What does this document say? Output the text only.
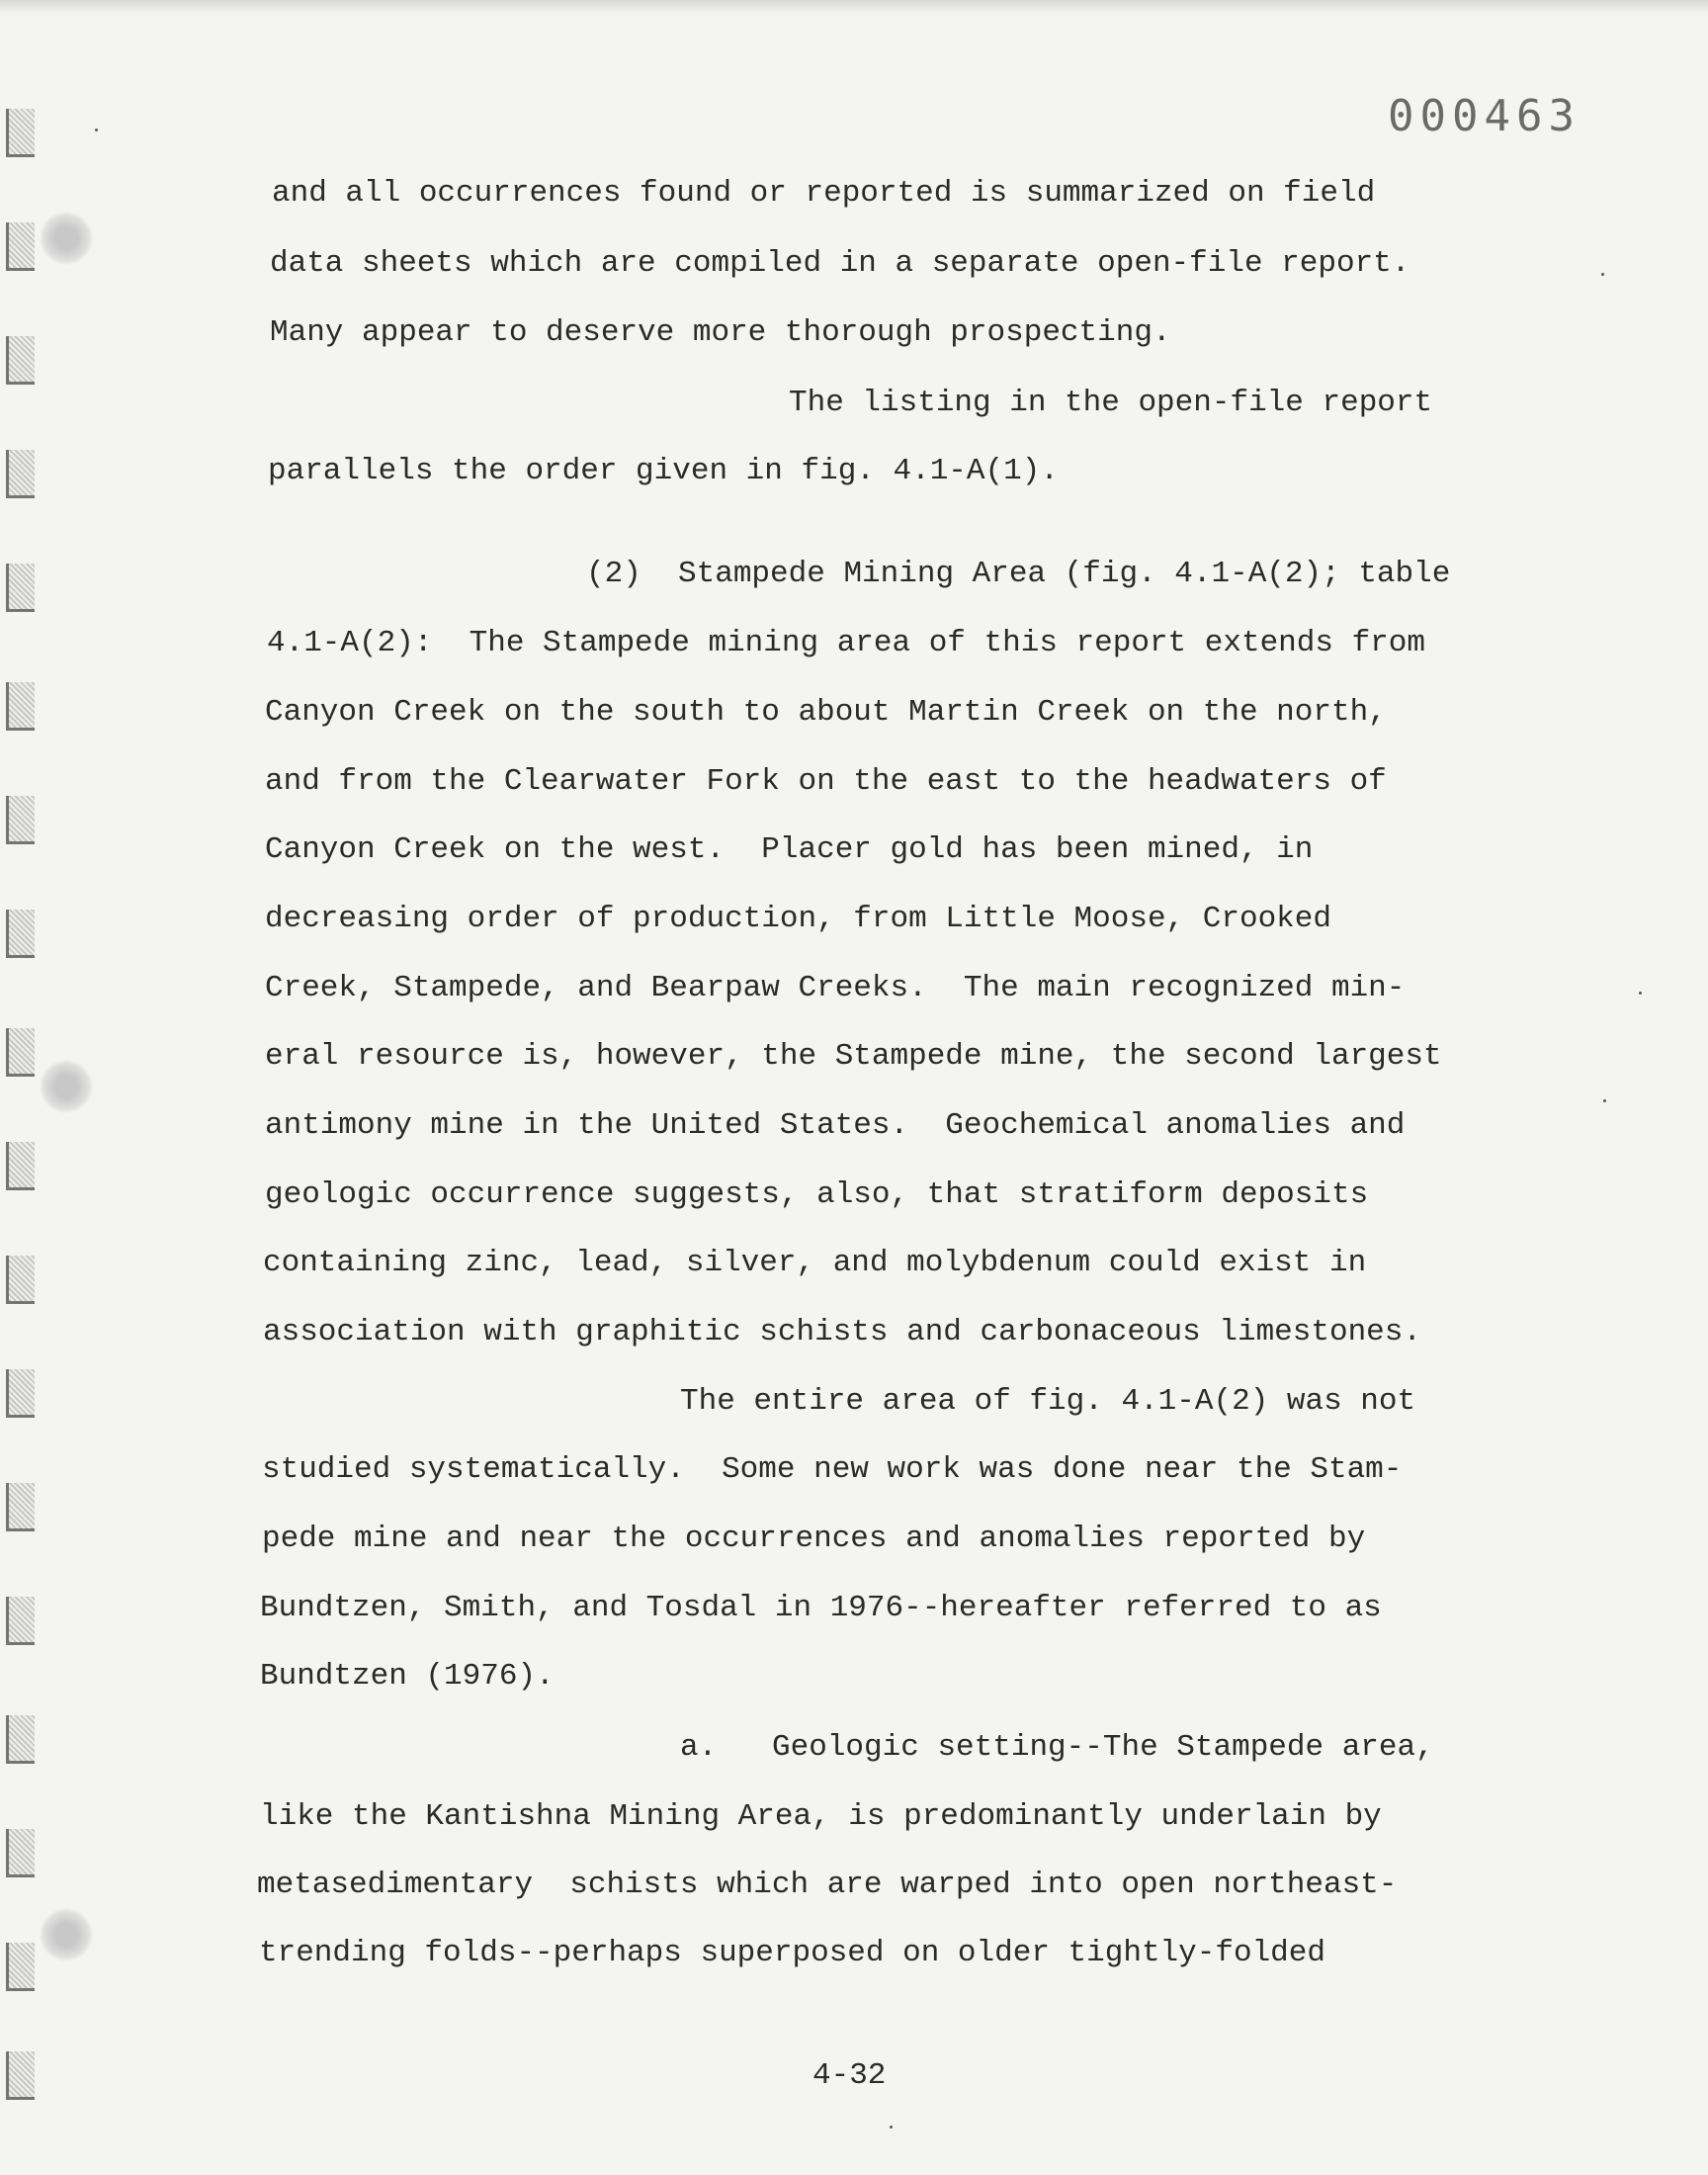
000463
and all occurrences found or reported is summarized on field
data sheets which are compiled in a separate open-file report.
Many appear to deserve more thorough prospecting.
The listing in the open-file report
parallels the order given in fig. 4.1-A(1).
(2)  Stampede Mining Area (fig. 4.1-A(2); table
4.1-A(2):  The Stampede mining area of this report extends from
Canyon Creek on the south to about Martin Creek on the north,
and from the Clearwater Fork on the east to the headwaters of
Canyon Creek on the west.  Placer gold has been mined, in
decreasing order of production, from Little Moose, Crooked
Creek, Stampede, and Bearpaw Creeks.  The main recognized min-
eral resource is, however, the Stampede mine, the second largest
antimony mine in the United States.  Geochemical anomalies and
geologic occurrence suggests, also, that stratiform deposits
containing zinc, lead, silver, and molybdenum could exist in
association with graphitic schists and carbonaceous limestones.
The entire area of fig. 4.1-A(2) was not
studied systematically.  Some new work was done near the Stam-
pede mine and near the occurrences and anomalies reported by
Bundtzen, Smith, and Tosdal in 1976--hereafter referred to as
Bundtzen (1976).
a.   Geologic setting--The Stampede area,
like the Kantishna Mining Area, is predominantly underlain by
metasedimentary  schists which are warped into open northeast-
trending folds--perhaps superposed on older tightly-folded
4-32
